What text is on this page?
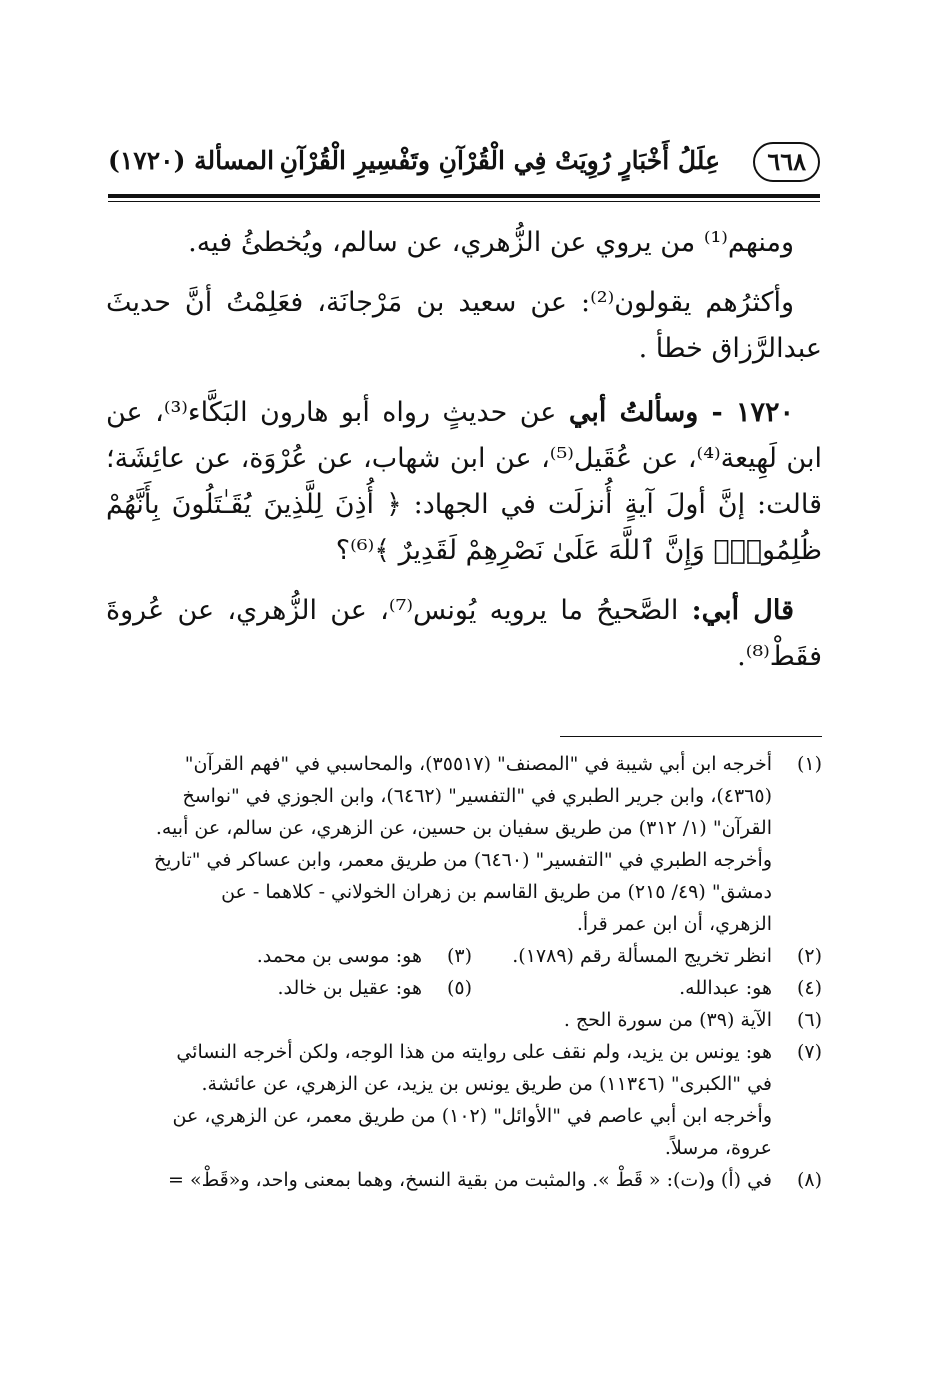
٦٦٨
عِلَلُ أَخْبَارٍ رُوِيَتْ فِي الْقُرْآنِ وتَفْسِيرِ الْقُرْآنِ
المسألة (١٧٢٠)

ومنهم⁽¹⁾ من يروي عن الزُّهري، عن سالم، ويُخطئُ فيه.

وأكثرُهم يقولون⁽²⁾: عن سعيد بن مَرْجانَة، فعَلِمْتُ أنَّ حديثَ عبدالرَّزاق خطأ .

١٧٢٠ - وسألتُ أبي عن حديثٍ رواه أبو هارون البَكَّاء⁽³⁾، عن ابن لَهِيعة⁽⁴⁾، عن عُقَيل⁽⁵⁾، عن ابن شهاب، عن عُرْوَة، عن عائِشَة؛ قالت: إنَّ أولَ آيةٍ أُنزلَت في الجهاد: ﴿ أُذِنَ لِلَّذِينَ يُقَـٰتَلُونَ بِأَنَّهُمْ ظُلِمُواْۚ وَإِنَّ ٱللَّهَ عَلَىٰ نَصْرِهِمْ لَقَدِيرٌ ﴾⁽⁶⁾؟

قال أبي: الصَّحيحُ ما يرويه يُونس⁽⁷⁾، عن الزُّهري، عن عُروةَ فقَطْ⁽⁸⁾.

(١)
أخرجه ابن أبي شيبة في "المصنف" (٣٥٥١٧)، والمحاسبي في "فهم القرآن"
(٤٣٦٥)، وابن جرير الطبري في "التفسير" (٦٤٦٢)، وابن الجوزي في "نواسخ
القرآن" (١/ ٣١٢) من طريق سفيان بن حسين، عن الزهري، عن سالم، عن أبيه.
وأخرجه الطبري في "التفسير" (٦٤٦٠) من طريق معمر، وابن عساكر في "تاريخ
دمشق" (٤٩/ ٢١٥) من طريق القاسم بن زهران الخولاني - كلاهما - عن
الزهري، أن ابن عمر قرأ.
(٢)
انظر تخريج المسألة رقم (١٧٨٩).
(٣)
هو: موسى بن محمد.
(٤)
هو: عبدالله.
(٥)
هو: عقيل بن خالد.
(٦)
الآية (٣٩) من سورة الحج .
(٧)
هو: يونس بن يزيد، ولم نقف على روايته من هذا الوجه، ولكن أخرجه النسائي
في "الكبرى" (١١٣٤٦) من طريق يونس بن يزيد، عن الزهري، عن عائشة.
وأخرجه ابن أبي عاصم في "الأوائل" (١٠٢) من طريق معمر، عن الزهري، عن
عروة، مرسلاً.
(٨)
في (أ) و(ت): « قَطْ ». والمثبت من بقية النسخ، وهما بمعنى واحد، و«قَطْ» =
